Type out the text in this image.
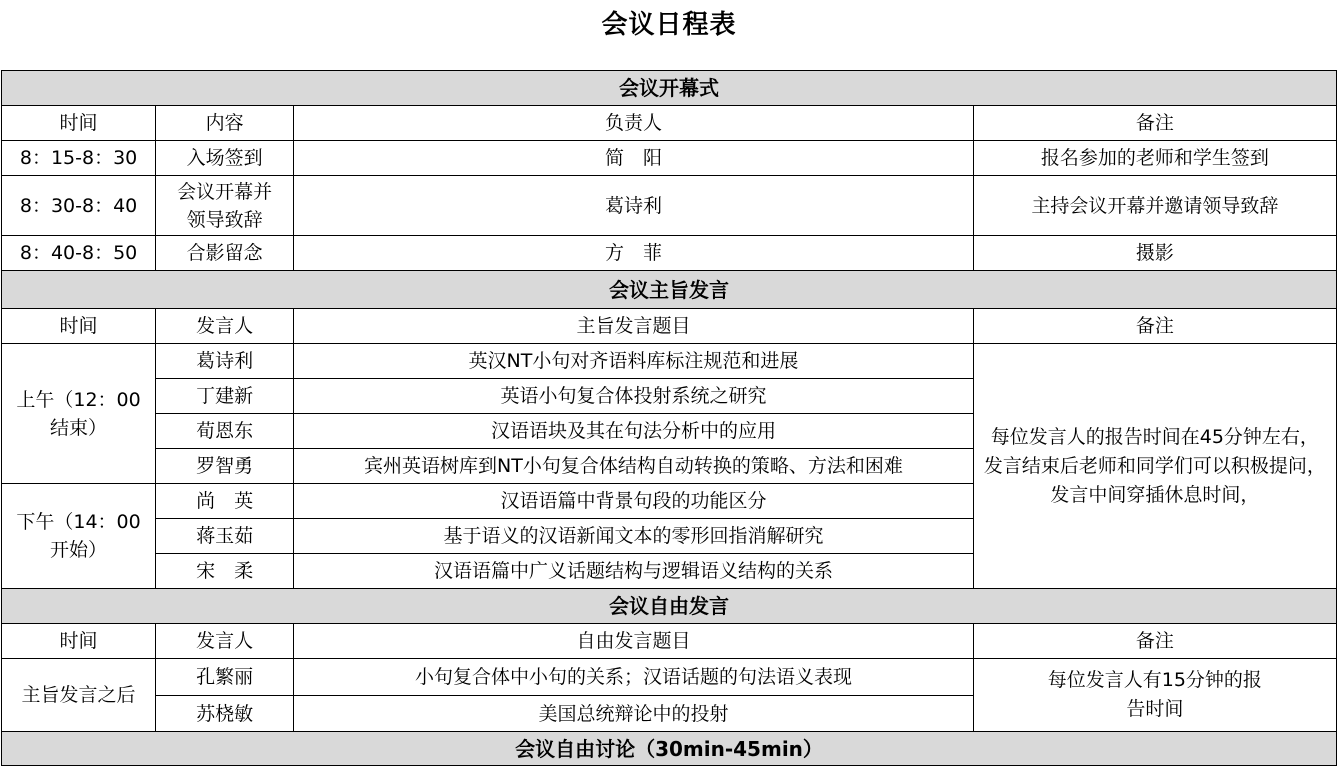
会议日程表
会议开幕式			
时间	内容	负责人	备注
8：15-8：30	入场签到	简　阳	报名参加的老师和学生签到
8：30-8：40	会议开幕并领导致辞	葛诗利	主持会议开幕并邀请领导致辞
8：40-8：50	合影留念	方　菲	摄影
会议主旨发言			
时间	发言人	主旨发言题目	备注
上午（12：00结束）	葛诗利	英汉NT小句对齐语料库标注规范和进展	每位发言人的报告时间在45分钟左右，发言结束后老师和同学们可以积极提问，发言中间穿插休息时间，
	丁建新	英语小句复合体投射系统之研究	
	荀恩东	汉语语块及其在句法分析中的应用	
	罗智勇	宾州英语树库到NT小句复合体结构自动转换的策略、方法和困难	
下午（14：00开始）	尚　英	汉语语篇中背景句段的功能区分	
	蒋玉茹	基于语义的汉语新闻文本的零形回指消解研究	
	宋　柔	汉语语篇中广义话题结构与逻辑语义结构的关系	
会议自由发言			
时间	发言人	自由发言题目	备注
主旨发言之后	孔繁丽	小句复合体中小句的关系；汉语话题的句法语义表现	每位发言人有15分钟的报告时间
	苏桡敏	美国总统辩论中的投射	
会议自由讨论（30min-45min）			
